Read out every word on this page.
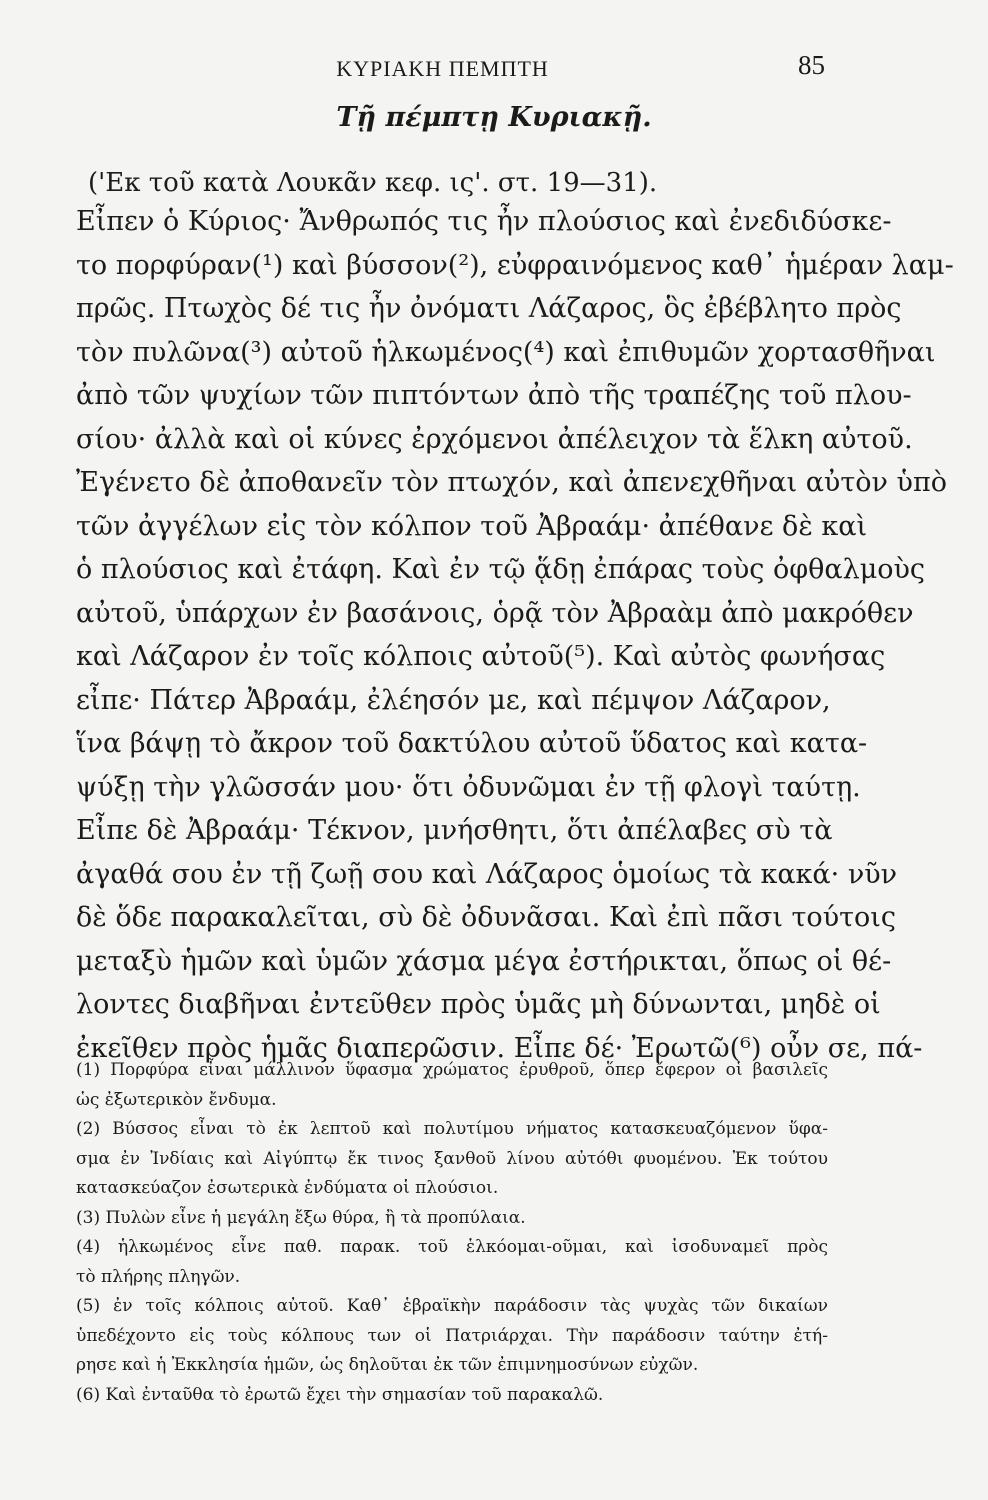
ΚΥΡΙΑΚΗ ΠΕΜΠΤΗ	85
Τῇ πέμπτῃ Κυριακῇ.
('Εκ τοῦ κατὰ Λουκᾶν κεφ. ις'. στ. 19—31).
Εἶπεν ὁ Κύριος· Ἄνθρωπός τις ἦν πλούσιος καὶ ἐνεδιδύσκε-
το πορφύραν(¹) καὶ βύσσον(²), εὐφραινόμενος καθ᾽ ἡμέραν λαμ-
πρῶς. Πτωχὸς δέ τις ἦν ὀνόματι Λάζαρος, ὃς ἐβέβλητο πρὸς
τὸν πυλῶνα(³) αὐτοῦ ἡλκωμένος(⁴) καὶ ἐπιθυμῶν χορτασθῆναι
ἀπὸ τῶν ψυχίων τῶν πιπτόντων ἀπὸ τῆς τραπέζης τοῦ πλου-
σίου· ἀλλὰ καὶ οἱ κύνες ἐρχόμενοι ἀπέλειχον τὰ ἕλκη αὐτοῦ.
Ἐγένετο δὲ ἀποθανεῖν τὸν πτωχόν, καὶ ἀπενεχθῆναι αὐτὸν ὑπὸ
τῶν ἀγγέλων εἰς τὸν κόλπον τοῦ Ἀβραάμ· ἀπέθανε δὲ καὶ
ὁ πλούσιος καὶ ἐτάφη. Καὶ ἐν τῷ ᾅδῃ ἐπάρας τοὺς ὀφθαλμοὺς
αὐτοῦ, ὑπάρχων ἐν βασάνοις, ὁρᾷ τὸν Ἀβραὰμ ἀπὸ μακρόθεν
καὶ Λάζαρον ἐν τοῖς κόλποις αὐτοῦ(⁵). Καὶ αὐτὸς φωνήσας
εἶπε· Πάτερ Ἀβραάμ, ἐλέησόν με, καὶ πέμψον Λάζαρον,
ἵνα βάψῃ τὸ ἄκρον τοῦ δακτύλου αὐτοῦ ὕδατος καὶ κατα-
ψύξῃ τὴν γλῶσσάν μου· ὅτι ὀδυνῶμαι ἐν τῇ φλογὶ ταύτῃ.
Εἶπε δὲ Ἀβραάμ· Τέκνον, μνήσθητι, ὅτι ἀπέλαβες σὺ τὰ
ἀγαθά σου ἐν τῇ ζωῇ σου καὶ Λάζαρος ὁμοίως τὰ κακά· νῦν
δὲ ὅδε παρακαλεῖται, σὺ δὲ ὀδυνᾶσαι. Καὶ ἐπὶ πᾶσι τούτοις
μεταξὺ ἡμῶν καὶ ὑμῶν χάσμα μέγα ἐστήρικται, ὅπως οἱ θέ-
λοντες διαβῆναι ἐντεῦθεν πρὸς ὑμᾶς μὴ δύνωνται, μηδὲ οἱ
ἐκεῖθεν πρὸς ἡμᾶς διαπερῶσιν. Εἶπε δέ· Ἐρωτῶ(⁶) οὖν σε, πά-
(1) Πορφύρα εἶναι μάλλινον ὕφασμα χρώματος ἐρυθροῦ, ὅπερ ἔφερον οἱ βασιλεῖς
ὡς ἐξωτερικὸν ἔνδυμα.
(2) Βύσσος εἶναι τὸ ἐκ λεπτοῦ καὶ πολυτίμου νήματος κατασκευαζόμενον ὕφα-
σμα ἐν Ἰνδίαις καὶ Αἰγύπτῳ ἔκ τινος ξανθοῦ λίνου αὐτόθι φυομένου. Ἐκ τούτου
κατασκεύαζον ἐσωτερικὰ ἐνδύματα οἱ πλούσιοι.
(3) Πυλὼν εἶνε ἡ μεγάλη ἔξω θύρα, ἢ τὰ προπύλαια.
(4) ἡλκωμένος εἶνε παθ. παρακ. τοῦ ἑλκόομαι-οῦμαι, καὶ ἰσοδυναμεῖ πρὸς
τὸ πλήρης πληγῶν.
(5) ἐν τοῖς κόλποις αὐτοῦ. Καθ᾽ ἑβραϊκὴν παράδοσιν τὰς ψυχὰς τῶν δικαίων
ὑπεδέχοντο εἰς τοὺς κόλπους των οἱ Πατριάρχαι. Τὴν παράδοσιν ταύτην ἐτή-
ρησε καὶ ἡ Ἐκκλησία ἡμῶν, ὡς δηλοῦται ἐκ τῶν ἐπιμνημοσύνων εὐχῶν.
(6) Καὶ ἐνταῦθα τὸ ἐρωτῶ ἔχει τὴν σημασίαν τοῦ παρακαλῶ.
